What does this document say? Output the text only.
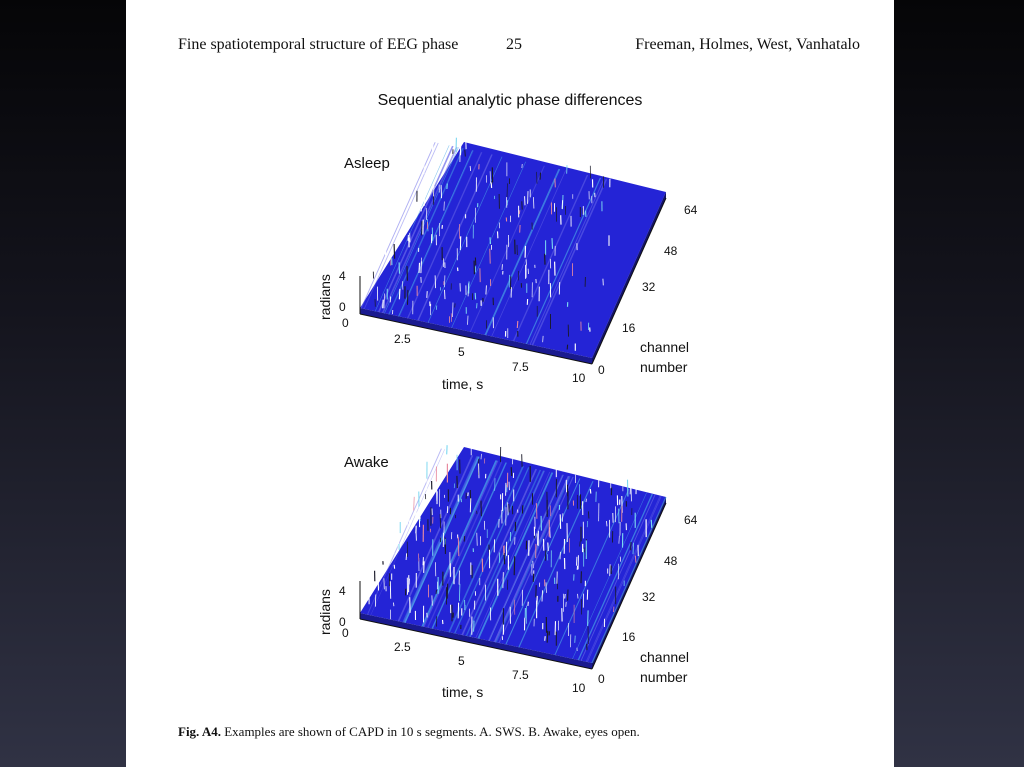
Fine spatiotemporal structure of EEG phase	25	Freeman, Holmes, West, Vanhatalo
Sequential analytic phase differences
Asleep
radians 4
0
0
2.5
5
7.5
10
time, s
0
16
32
48
64
channel
number
Awake
radians 4
0
0
2.5
5
7.5
10
time, s
0
16
32
48
64
channel
number
Fig. A4. Examples are shown of CAPD in 10 s segments. A. SWS. B. Awake, eyes open.
